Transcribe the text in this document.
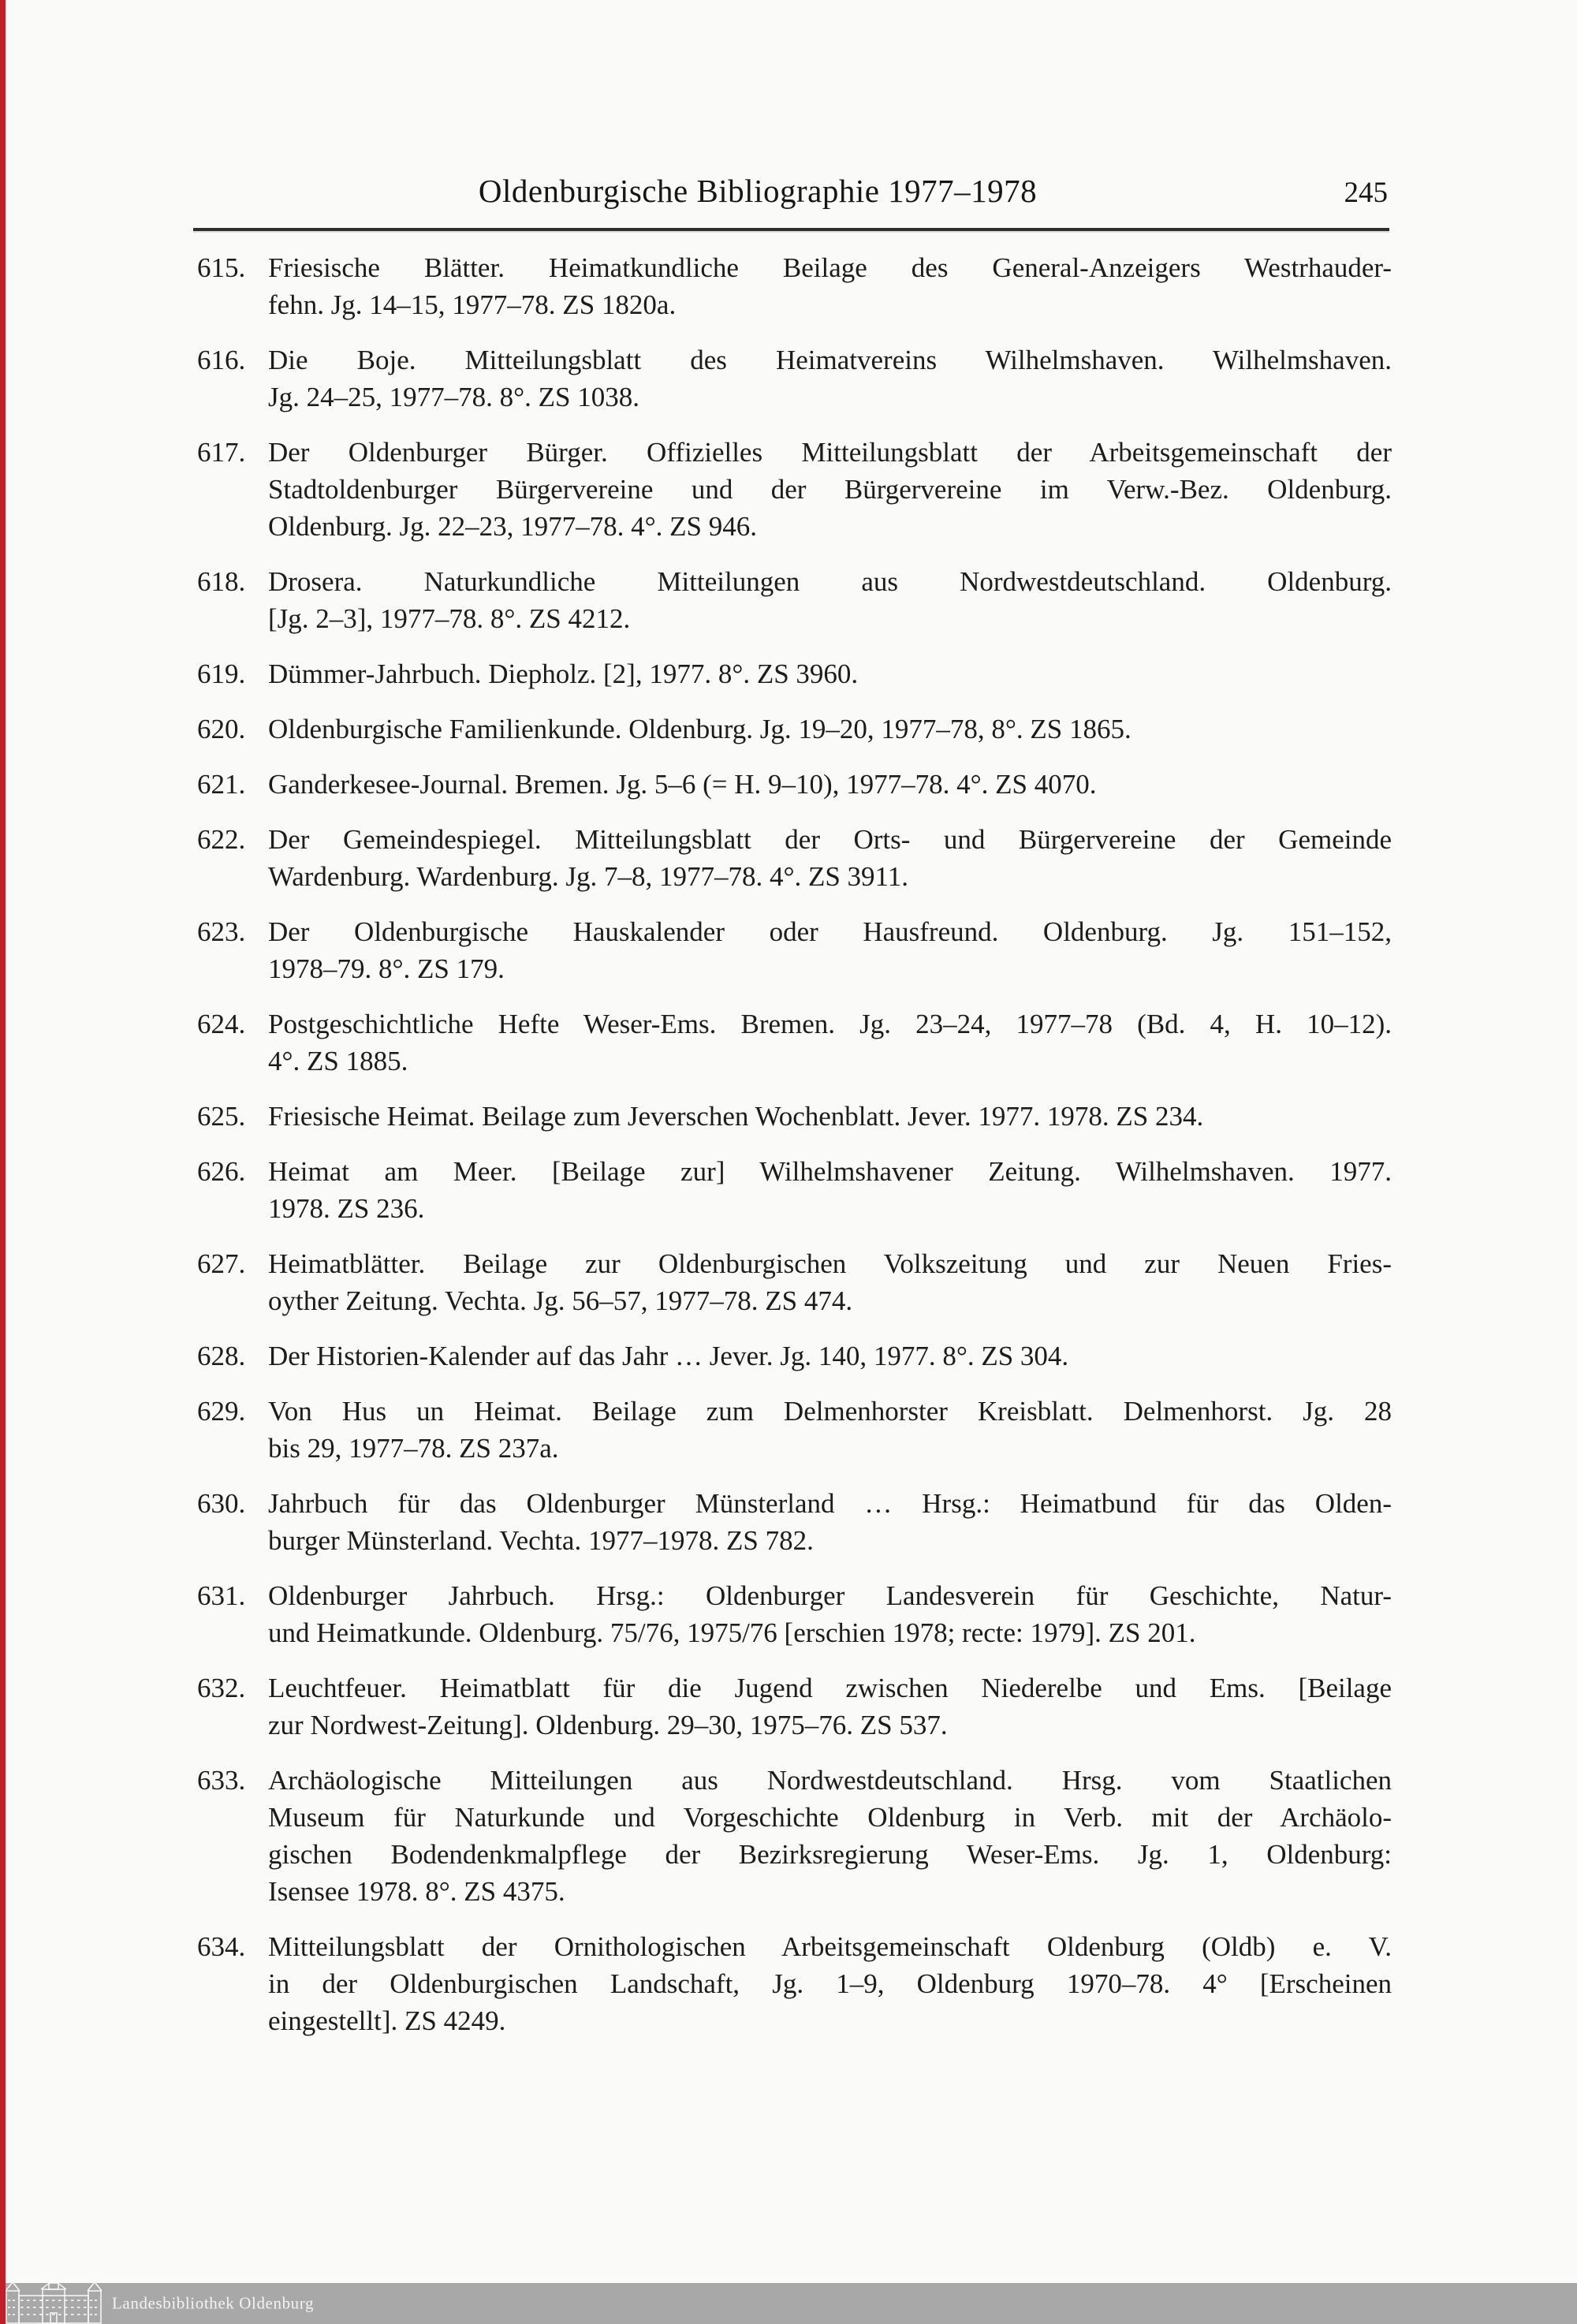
Oldenburgische Bibliographie 1977–1978	245
615. Friesische Blätter. Heimatkundliche Beilage des General-Anzeigers Westrhauder-
fehn. Jg. 14–15, 1977–78. ZS 1820a.
616. Die Boje. Mitteilungsblatt des Heimatvereins Wilhelmshaven. Wilhelmshaven.
Jg. 24–25, 1977–78. 8°. ZS 1038.
617. Der Oldenburger Bürger. Offizielles Mitteilungsblatt der Arbeitsgemeinschaft der
Stadtoldenburger Bürgervereine und der Bürgervereine im Verw.-Bez. Oldenburg.
Oldenburg. Jg. 22–23, 1977–78. 4°. ZS 946.
618. Drosera. Naturkundliche Mitteilungen aus Nordwestdeutschland. Oldenburg.
[Jg. 2–3], 1977–78. 8°. ZS 4212.
619. Dümmer-Jahrbuch. Diepholz. [2], 1977. 8°. ZS 3960.
620. Oldenburgische Familienkunde. Oldenburg. Jg. 19–20, 1977–78, 8°. ZS 1865.
621. Ganderkesee-Journal. Bremen. Jg. 5–6 (= H. 9–10), 1977–78. 4°. ZS 4070.
622. Der Gemeindespiegel. Mitteilungsblatt der Orts- und Bürgervereine der Gemeinde
Wardenburg. Wardenburg. Jg. 7–8, 1977–78. 4°. ZS 3911.
623. Der Oldenburgische Hauskalender oder Hausfreund. Oldenburg. Jg. 151–152,
1978–79. 8°. ZS 179.
624. Postgeschichtliche Hefte Weser-Ems. Bremen. Jg. 23–24, 1977–78 (Bd. 4, H. 10–12).
4°. ZS 1885.
625. Friesische Heimat. Beilage zum Jeverschen Wochenblatt. Jever. 1977. 1978. ZS 234.
626. Heimat am Meer. [Beilage zur] Wilhelmshavener Zeitung. Wilhelmshaven. 1977.
1978. ZS 236.
627. Heimatblätter. Beilage zur Oldenburgischen Volkszeitung und zur Neuen Fries-
oyther Zeitung. Vechta. Jg. 56–57, 1977–78. ZS 474.
628. Der Historien-Kalender auf das Jahr … Jever. Jg. 140, 1977. 8°. ZS 304.
629. Von Hus un Heimat. Beilage zum Delmenhorster Kreisblatt. Delmenhorst. Jg. 28
bis 29, 1977–78. ZS 237a.
630. Jahrbuch für das Oldenburger Münsterland … Hrsg.: Heimatbund für das Olden-
burger Münsterland. Vechta. 1977–1978. ZS 782.
631. Oldenburger Jahrbuch. Hrsg.: Oldenburger Landesverein für Geschichte, Natur-
und Heimatkunde. Oldenburg. 75/76, 1975/76 [erschien 1978; recte: 1979]. ZS 201.
632. Leuchtfeuer. Heimatblatt für die Jugend zwischen Niederelbe und Ems. [Beilage
zur Nordwest-Zeitung]. Oldenburg. 29–30, 1975–76. ZS 537.
633. Archäologische Mitteilungen aus Nordwestdeutschland. Hrsg. vom Staatlichen
Museum für Naturkunde und Vorgeschichte Oldenburg in Verb. mit der Archäolo-
gischen Bodendenkmalpflege der Bezirksregierung Weser-Ems. Jg. 1, Oldenburg:
Isensee 1978. 8°. ZS 4375.
634. Mitteilungsblatt der Ornithologischen Arbeitsgemeinschaft Oldenburg (Oldb) e. V.
in der Oldenburgischen Landschaft, Jg. 1–9, Oldenburg 1970–78. 4° [Erscheinen
eingestellt]. ZS 4249.
Landesbibliothek Oldenburg
